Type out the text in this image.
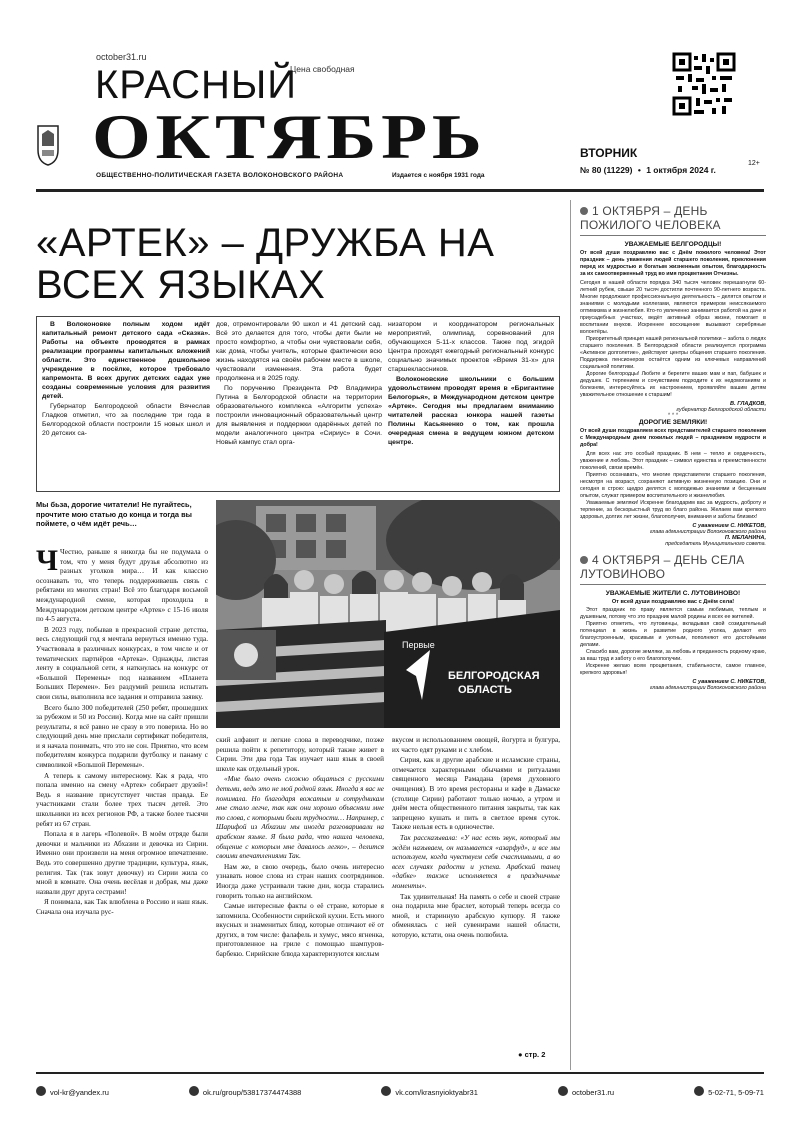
october31.ru
Цена свободная
КРАСНЫЙ
ОКТЯБРЬ
ОБЩЕСТВЕННО-ПОЛИТИЧЕСКАЯ ГАЗЕТА ВОЛОКОНОВСКОГО РАЙОНА	Издается с ноября 1931 года
ВТОРНИК
№ 80 (11229) • 1 октября 2024 г.
12+
«АРТЕК» – ДРУЖБА НА
ВСЕХ ЯЗЫКАХ

В Волоконовке полным ходом идёт капитальный ремонт детского сада «Сказка». Работы на объекте проводятся в рамках реализации программы капитальных вложений области. Это единственное дошкольное учреждение в посёлке, которое требовало капремонта. В всех других детских садах уже созданы современные условия для развития детей.

Губернатор Белгородской области Вячеслав Гладков отметил, что за последние три года в Белгородской области построили 15 новых школ и 20 детских са-

дов, отремонтировали 90 школ и 41 детский сад. Всё это делается для того, чтобы дети были не просто комфортно, а чтобы они чувствовали себя, как дома, чтобы учитель, которые фактически всю жизнь находятся на своём рабочем месте в школе, чувствовали изменения. Эта работа будет продолжена и в 2025 году.

По поручению Президента РФ Владимира Путина в Белгородской области на территории образовательного комплекса «Алгоритм успеха» построили инновационный образовательный центр для выявления и поддержки одарённых детей по модели аналогичного центра «Сириус» в Сочи. Новый кампус стал орга-

низатором и координатором региональных мероприятий, олимпиад, соревнований для обучающихся 5-11-х классов. Также под эгидой Центра проходят ежегодный региональный конкурс социально значимых проектов «Время 31-х» для старшеклассников.

Волоконовские школьники с большим удовольствием проводят время в «Бригантине Белогорья», в Международном детском центре «Артек». Сегодня мы предлагаем вниманию читателей рассказ юнкора нашей газеты Полины Касьяненко о том, как прошла очередная смена в ведущем южном детском центре.

Мы бьза, дорогие читатели! Не пугайтесь, прочтите мою статью до конца и тогда вы поймете, о чём идёт речь…
Первые
БЕЛГОРОДСКАЯ
ОБЛАСТЬ

Ч Честно, раньше я никогда бы не подумала о том, что у меня будут друзья абсолютно из разных уголков мира… И как классно осознавать то, что теперь поддерживаешь связь с ребятами из многих стран! Всё это благодаря восьмой международной смене, которая проходила в Международном детском центре «Артек» с 15-16 июля по 4-5 августа.

В 2023 году, побывав в прекрасной стране детства, весь следующий год я мечтала вернуться именно туда. Участвовала в различных конкурсах, в том числе и от тематических партнёров «Артека». Однажды, листая ленту в социальной сети, я наткнулась на конкурс от «Большой Перемены» под названием «Планета Больших Перемен». Без раздумий решила испытать свои силы, выполнила все задания и отправила заявку.

Всего было 300 победителей (250 ребят, прошедших за рубежом и 50 из России). Когда мне на сайт пришли результаты, я всё равно не сразу в это поверила. Но во следующий день мне прислали сертификат победителя, и я начала понимать, что это не сон. Приятно, что всем победителям конкурса подарили футболку и панаму с символикой «Большой Перемены».

А теперь к самому интересному. Как я рада, что попала именно на смену «Артек» собирает друзей»! Ведь я название присутствует чистая правда. Ее участниками стали более трех тысяч детей. Это школьники из всех регионов РФ, а также более тысячи ребят из 67 стран.

Попала я в лагерь «Полевой». В моём отряде были девочки и мальчики из Абхазии и девочка из Сирии. Именно они произвели на меня огромное впечатление. Ведь это совершенно другие традиции, культура, язык, религия. Так (так зовут девочку) из Сирии жила со мной в комнате. Она очень весёлая и добрая, мы даже назвали друг друга сестрами!

Я понимала, как Так влюблена в Россию и наш язык. Сначала она изучала рус-

ский алфавит и легкие слова в переводчике, позже решила пойти к репетитору, который также живет в Сирии. Эти два года Так изучает наш язык в своей школе как отдельный урок.

«Мне было очень сложно общаться с русскими детьми, ведь это не мой родной язык. Иногда я вас не понимала. Но благодаря вожатым и сотрудникам мне стало легче, так как они хорошо объясняли мне то слова, с которыми были трудности… Например, с Шарифой из Абхазии мы иногда разговаривали на арабском языке. Я была рада, что нашла человека, общение с которым мне давалось легко», – делится своими впечатлениями Так.

Нам же, в свою очередь, было очень интересно узнавать новое слова из стран наших соотрядников. Иногда даже устраивали такие дни, когда старались говорить только на английском.

Самые интересные факты о её стране, которые я запомнила. Особенности сирийской кухни. Есть много вкусных и знаменитых блюд, которые отличают её от других, в том числе: фалафель и хумус, мясо ягненка, приготовленное на гриле с помощью шампуров-барбекю. Сирийские блюда характеризуются кислым

вкусом и использованием овощей, йогурта и булгура, их часто едят руками и с хлебом.

Сирия, как и другие арабские и исламские страны, отмечается характерными обычаями и ритуалами священного месяца Рамадана (время духовного очищения). В это время рестораны и кафе в Дамаске (столице Сирии) работают только ночью, а утром и днём места общественного питания закрыты, так как запрещено кушать и пить в светлое время суток. Также нельзя есть в одиночестве.

Так рассказывала: «У нас есть звук, который мы ждём называем, он называется «азарфуд», и все мы используем, когда чувствуем себя счастливыми, а во всех случаях радости и успеха. Арабский танец «дабке» также исполняется в праздничные моменты».

Так удивительная! На память о себе и своей стране она подарила мне браслет, который теперь всегда со мной, и старинную арабскую купюру. Я также обменялась с ней сувенирами нашей области, которую, кстати, она очень полюбила.

● стр. 2
1 ОКТЯБРЯ – ДЕНЬ ПОЖИЛОГО ЧЕЛОВЕКА
УВАЖАЕМЫЕ БЕЛГОРОДЦЫ!
От всей души поздравляю вас с Днём пожилого человека! Этот праздник – день уважения людей старшего поколения, преклонения перед их мудростью и богатым жизненным опытом, благодарность за их самоотверженный труд во имя процветания Отчизны.
Сегодня в нашей области порядка 340 тысяч человек перешагнули 60-летний рубеж, свыше 20 тысяч достигли почтенного 90-летнего возраста. Многие продолжают профессиональную деятельность – делятся опытом и знаниями с молодыми коллегами, являются примером неиссякаемого оптимизма и жизнелюбия. Кто-то увлеченно занимается работой на даче и приусадебных участках, ведёт активный образ жизни, помогает в воспитании внуков. Искреннее восхищение вызывают серебряные волонтёры.
Приоритетный принцип нашей региональной политики – забота о людях старшего поколения. В Белгородской области реализуется программа «Активное долголетие», действуют центры общения старшего поколения. Поддержка пенсионеров остаётся одним из ключевых направлений социальной политики.
Дорогие белгородцы! Любите и берегите ваших мам и пап, бабушек и дедушек. С терпением и сочувствием подходите к их недомоганиям и болезням, интересуйтесь их настроением, проявляйте вашим детям уважительное отношение к старшим!
В. ГЛАДКОВ,
губернатор Белгородской области
* * *
ДОРОГИЕ ЗЕМЛЯКИ!
От всей души поздравляем всех представителей старшего поколения с Международным днем пожилых людей – праздником мудрости и добра!
Для всех нас это особый праздник. В нем – тепло и сердечность, уважение и любовь. Этот праздник – символ единства и преемственности поколений, связи времён.
Приятно осознавать, что многие представители старшего поколения, несмотря на возраст, сохраняют активную жизненную позицию. Они и сегодня в строю: щедро делятся с молодежью знаниями и бесценным опытом, служат примером воспитательного и жизнелюбия.
Уважаемые земляки! Искренне благодарим вас за мудрость, доброту и терпение, за бескорыстный труд во благо района. Желаем вам крепкого здоровья, долгих лет жизни, благополучия, внимания и заботы близких!
С уважением С. НИКЕТОВ,
глава администрации Волоконовского района
П. МЕЛАНИНА,
председатель Муниципального совета.
4 ОКТЯБРЯ – ДЕНЬ СЕЛА ЛУТОВИНОВО
УВАЖАЕМЫЕ ЖИТЕЛИ С. ЛУТОВИНОВО!
От всей души поздравляю вас с Днём села!
Этот праздник по праву является самым любимым, теплым и душевным, потому что это праздник малой родины и всех ее жителей.
Приятно отметить, что лутовинцы, вкладывая свой созидательный потенциал в жизнь и развитие родного уголка, делают его благоустроенным, красивым и уютным, пополняют его достойными делами.
Спасибо вам, дорогие земляки, за любовь и преданность родному краю, за ваш труд и заботу о его благополучии.
Искренне желаю всем процветания, стабильности, самое главное, крепкого здоровья!
С уважением С. НИКЕТОВ,
глава администрации Волоконовского района
vol-kr@yandex.ru	ok.ru/group/53817374474388	vk.com/krasnyioktyabr31	october31.ru	5-02-71, 5-09-71
